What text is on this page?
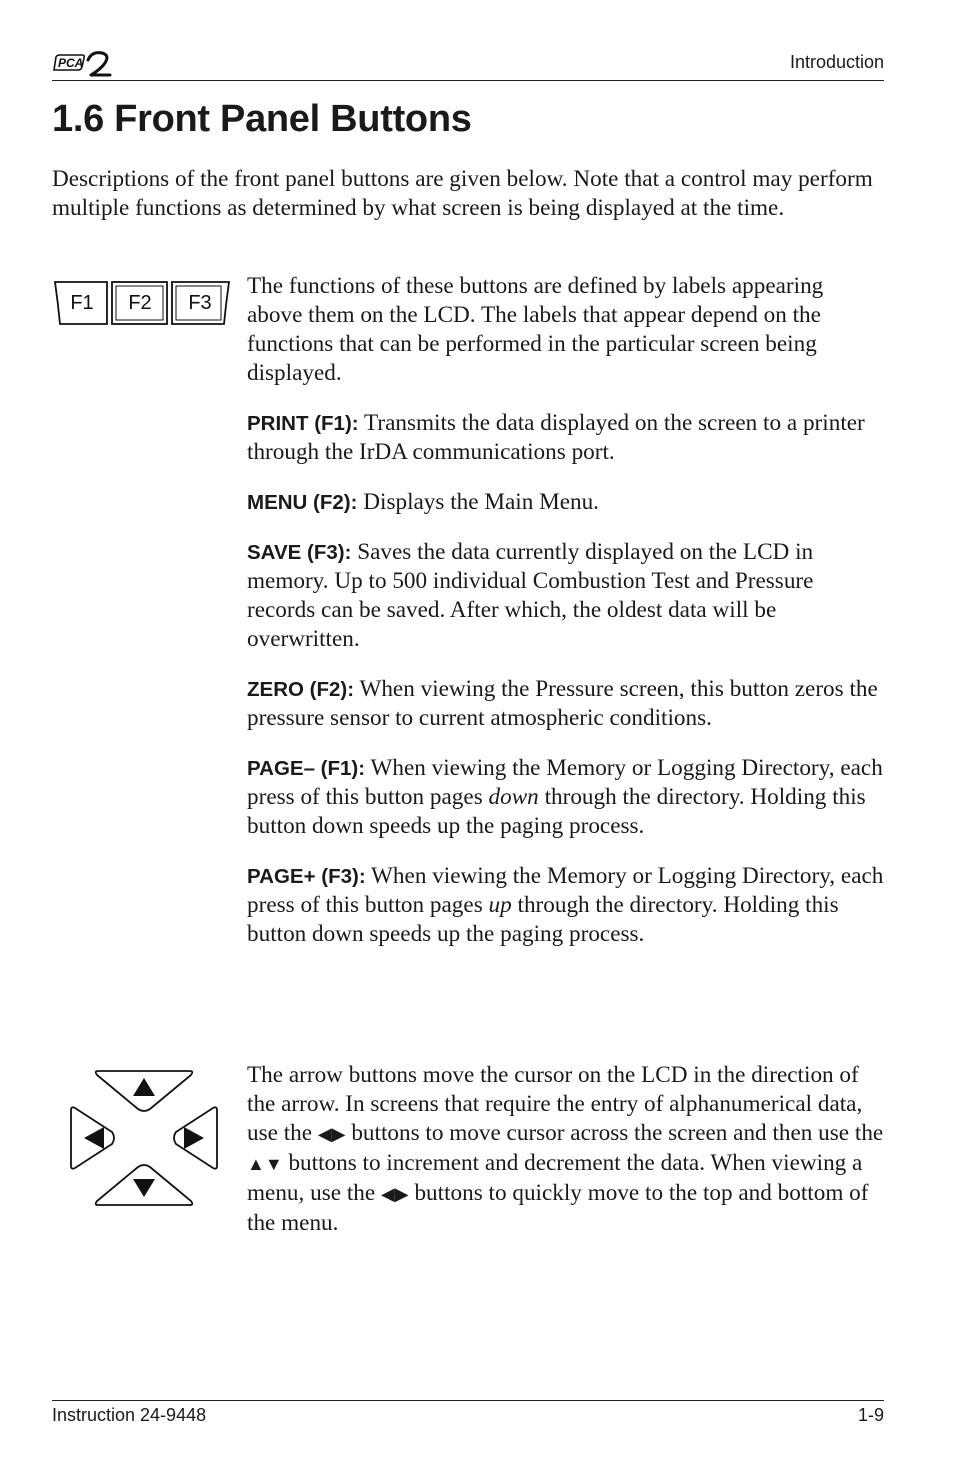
PCA	Introduction
1.6 Front Panel Buttons

Descriptions of the front panel buttons are given below. Note that a control may perform multiple functions as determined by what screen is being displayed at the time.

F1 F2 F3

The functions of these buttons are defined by labels appearing above them on the LCD. The labels that appear depend on the functions that can be performed in the particular screen being displayed.

PRINT (F1): Transmits the data displayed on the screen to a printer through the IrDA communications port.

MENU (F2): Displays the Main Menu.

SAVE (F3): Saves the data currently displayed on the LCD in memory. Up to 500 individual Combustion Test and Pressure records can be saved. After which, the oldest data will be overwritten.

ZERO (F2): When viewing the Pressure screen, this button zeros the pressure sensor to current atmospheric conditions.

PAGE– (F1): When viewing the Memory or Logging Directory, each press of this button pages down through the directory. Holding this button down speeds up the paging process.

PAGE+ (F3): When viewing the Memory or Logging Directory, each press of this button pages up through the directory. Holding this button down speeds up the paging process.

The arrow buttons move the cursor on the LCD in the direction of the arrow. In screens that require the entry of alphanumerical data, use the ◀▶ buttons to move cursor across the screen and then use the ▲▼ buttons to increment and decrement the data. When viewing a menu, use the ◀▶ buttons to quickly move to the top and bottom of the menu.

Instruction 24-9448	1-9
